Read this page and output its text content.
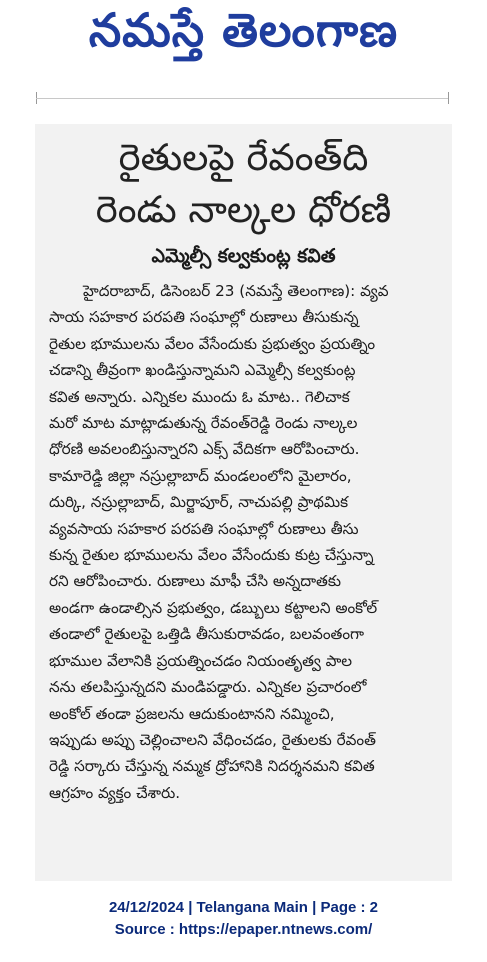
నమస్తే తెలంగాణ
రైతులపై రేవంత్‌ది
రెండు నాల్కల ధోరణి
ఎమ్మెల్సీ కల్వకుంట్ల కవిత

హైదరాబాద్, డిసెంబర్ 23 (నమస్తే తెలంగాణ): వ్యవ

సాయ సహకార పరపతి సంఘాల్లో రుణాలు తీసుకున్న

రైతుల భూములను వేలం వేసేందుకు ప్రభుత్వం ప్రయత్నిం

చడాన్ని తీవ్రంగా ఖండిస్తున్నామని ఎమ్మెల్సీ కల్వకుంట్ల

కవిత అన్నారు. ఎన్నికల ముందు ఓ మాట.. గెలిచాక

మరో మాట మాట్లాడుతున్న రేవంత్‌రెడ్డి రెండు నాల్కల

ధోరణి అవలంబిస్తున్నారని ఎక్స్ వేదికగా ఆరోపించారు.

కామారెడ్డి జిల్లా నస్రుల్లాబాద్ మండలంలోని మైలారం,

దుర్కి, నస్రుల్లాబాద్, మిర్జాపూర్, నాచుపల్లి ప్రాథమిక

వ్యవసాయ సహకార పరపతి సంఘాల్లో రుణాలు తీసు

కున్న రైతుల భూములను వేలం వేసేందుకు కుట్ర చేస్తున్నా

రని ఆరోపించారు. రుణాలు మాఫీ చేసి అన్నదాతకు

అండగా ఉండాల్సిన ప్రభుత్వం, డబ్బులు కట్టాలని అంకోల్

తండాలో రైతులపై ఒత్తిడి తీసుకురావడం, బలవంతంగా

భూముల వేలానికి ప్రయత్నించడం నియంతృత్వ పాల

నను తలపిస్తున్నదని మండిపడ్డారు. ఎన్నికల ప్రచారంలో

అంకోల్ తండా ప్రజలను ఆదుకుంటానని నమ్మించి,

ఇప్పుడు అప్పు చెల్లించాలని వేధించడం, రైతులకు రేవంత్

రెడ్డి సర్కారు చేస్తున్న నమ్మక ద్రోహానికి నిదర్శనమని కవిత

ఆగ్రహం వ్యక్తం చేశారు.

24/12/2024 | Telangana Main | Page : 2
Source : https://epaper.ntnews.com/
